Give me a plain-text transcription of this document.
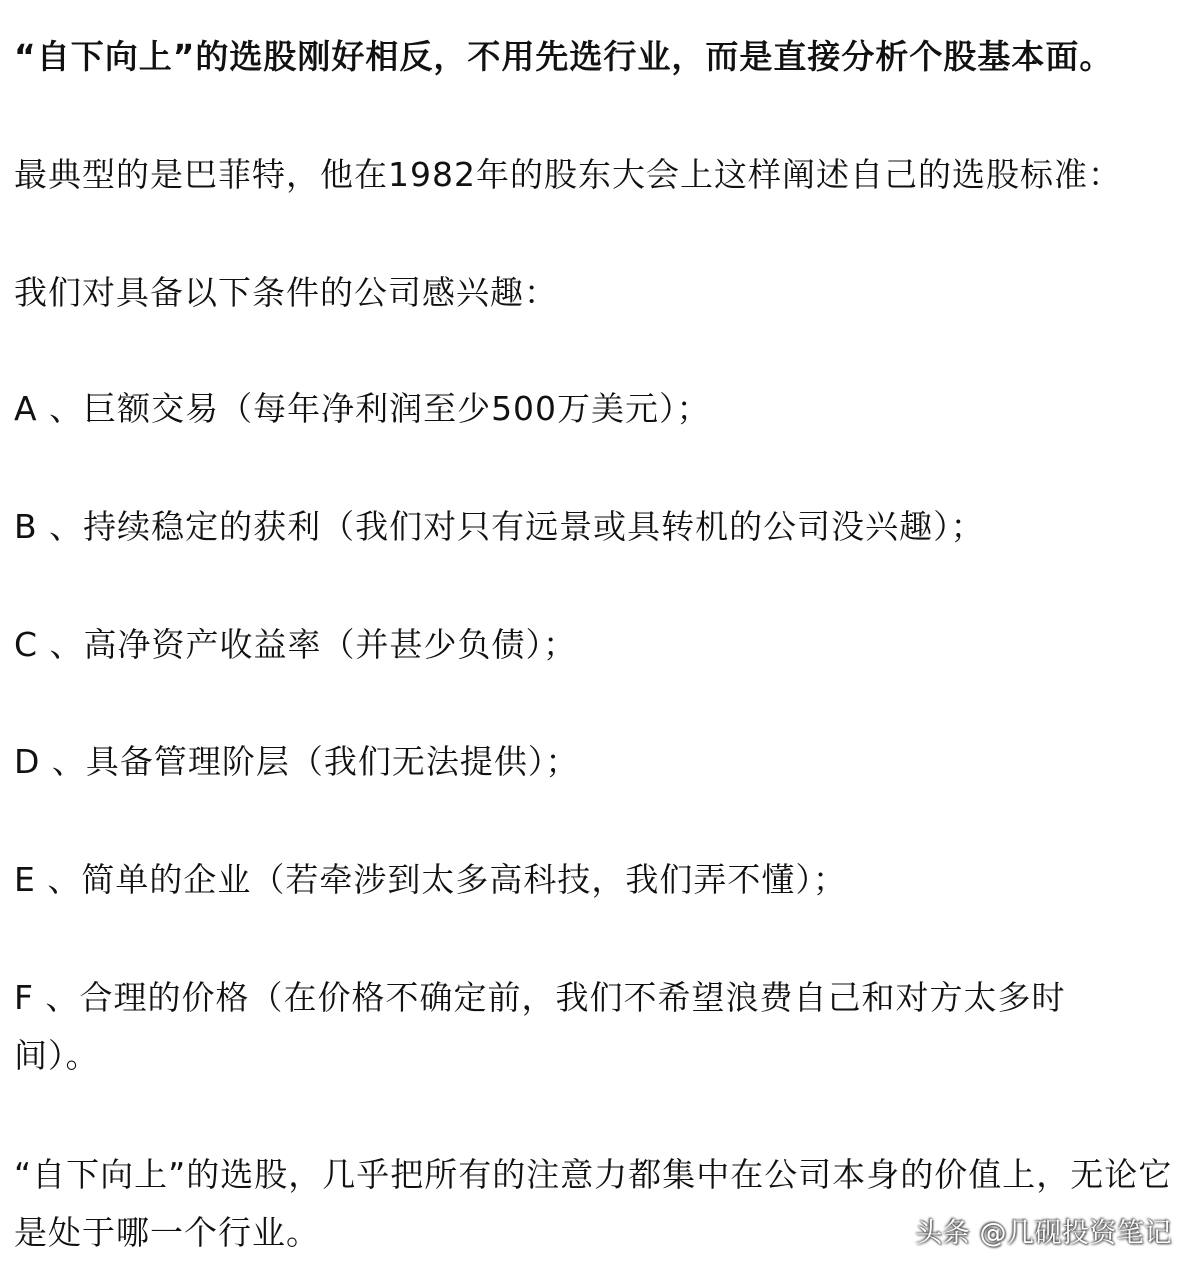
“自下向上”的选股刚好相反，不用先选行业，而是直接分析个股基本面。

最典型的是巴菲特，他在1982年的股东大会上这样阐述自己的选股标准：

我们对具备以下条件的公司感兴趣：

A 、巨额交易（每年净利润至少500万美元）；

B 、持续稳定的获利（我们对只有远景或具转机的公司没兴趣）；

C 、高净资产收益率（并甚少负债）；

D 、具备管理阶层（我们无法提供）；

E 、简单的企业（若牵涉到太多高科技，我们弄不懂）；

F 、合理的价格（在价格不确定前，我们不希望浪费自己和对方太多时间）。

“自下向上”的选股，几乎把所有的注意力都集中在公司本身的价值上，无论它是处于哪一个行业。	头条 @几砚投资笔记
